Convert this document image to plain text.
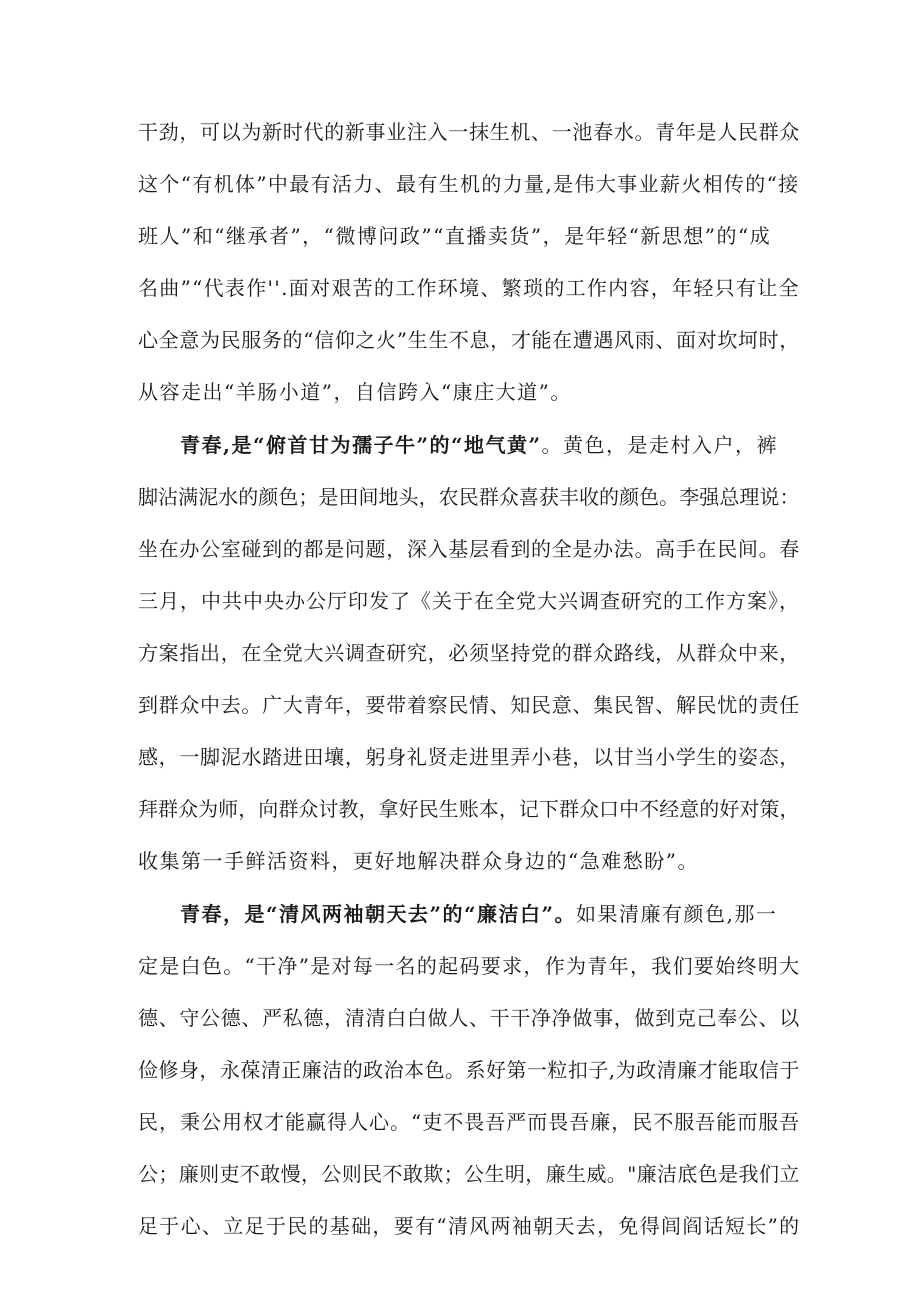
干劲，可以为新时代的新事业注入一抹生机、一池春水。青年是人民群众
这个“有机体”中最有活力、最有生机的力量,是伟大事业薪火相传的“接
班人”和“继承者”，“微博问政”“直播卖货”，是年轻“新思想”的“成
名曲”“代表作''.面对艰苦的工作环境、繁琐的工作内容，年轻只有让全
心全意为民服务的“信仰之火”生生不息，才能在遭遇风雨、面对坎坷时，
从容走出“羊肠小道”，自信跨入“康庄大道”。
青春,是“俯首甘为孺子牛”的“地气黄”。黄色，是走村入户，裤
脚沾满泥水的颜色；是田间地头，农民群众喜获丰收的颜色。李强总理说：
坐在办公室碰到的都是问题，深入基层看到的全是办法。高手在民间。春
三月，中共中央办公厅印发了《关于在全党大兴调查研究的工作方案》，
方案指出，在全党大兴调查研究，必须坚持党的群众路线，从群众中来，
到群众中去。广大青年，要带着察民情、知民意、集民智、解民忧的责任
感，一脚泥水踏进田壤，躬身礼贤走进里弄小巷，以甘当小学生的姿态，
拜群众为师，向群众讨教，拿好民生账本，记下群众口中不经意的好对策，
收集第一手鲜活资料，更好地解决群众身边的“急难愁盼”。
青春，是“清风两袖朝天去”的“廉洁白”。如果清廉有颜色,那一
定是白色。“干净”是对每一名的起码要求，作为青年，我们要始终明大
德、守公德、严私德，清清白白做人、干干净净做事，做到克己奉公、以
俭修身，永葆清正廉洁的政治本色。系好第一粒扣子,为政清廉才能取信于
民，秉公用权才能赢得人心。“吏不畏吾严而畏吾廉，民不服吾能而服吾
公；廉则吏不敢慢，公则民不敢欺；公生明，廉生威。"廉洁底色是我们立
足于心、立足于民的基础，要有“清风两袖朝天去，免得闾阎话短长”的
